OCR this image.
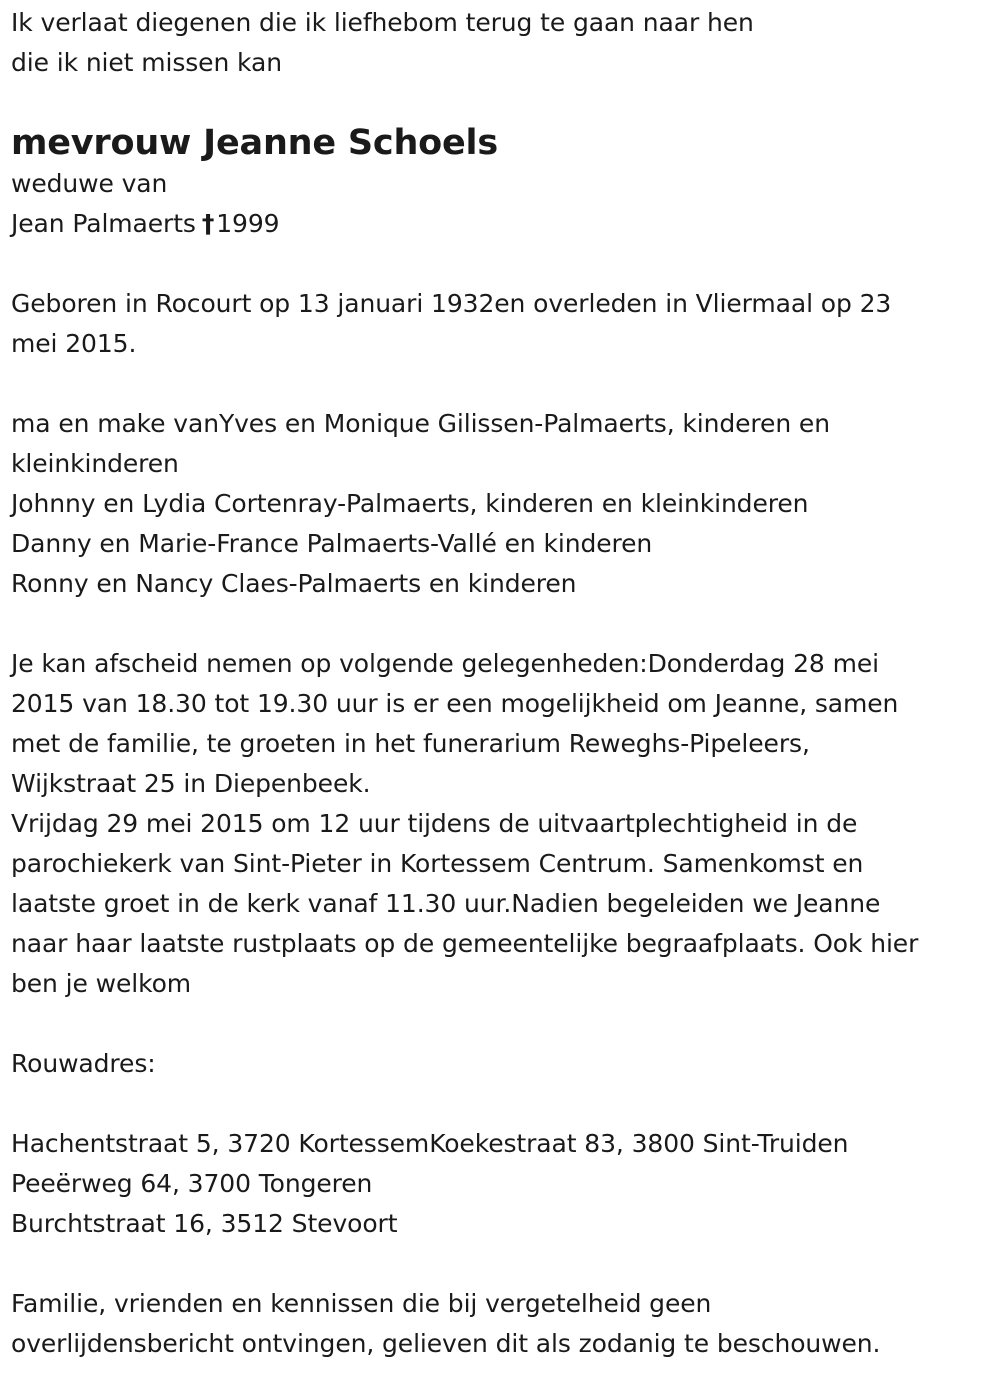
Ik verlaat diegenen die ik liefhebom terug te gaan naar hen
die ik niet missen kan
mevrouw Jeanne Schoels
weduwe van
Jean Palmaerts †1999
Geboren in Rocourt op 13 januari 1932en overleden in Vliermaal op 23
mei 2015.
ma en make vanYves en Monique Gilissen-Palmaerts, kinderen en
kleinkinderen
Johnny en Lydia Cortenray-Palmaerts, kinderen en kleinkinderen
Danny en Marie-France Palmaerts-Vallé en kinderen
Ronny en Nancy Claes-Palmaerts en kinderen
Je kan afscheid nemen op volgende gelegenheden:Donderdag 28 mei
2015 van 18.30 tot 19.30 uur is er een mogelijkheid om Jeanne, samen
met de familie, te groeten in het funerarium Reweghs-Pipeleers,
Wijkstraat 25 in Diepenbeek.
Vrijdag 29 mei 2015 om 12 uur tijdens de uitvaartplechtigheid in de
parochiekerk van Sint-Pieter in Kortessem Centrum. Samenkomst en
laatste groet in de kerk vanaf 11.30 uur.Nadien begeleiden we Jeanne
naar haar laatste rustplaats op de gemeentelijke begraafplaats. Ook hier
ben je welkom
Rouwadres:
Hachentstraat 5, 3720 KortessemKoekestraat 83, 3800 Sint-Truiden
Peeërweg 64, 3700 Tongeren
Burchtstraat 16, 3512 Stevoort
Familie, vrienden en kennissen die bij vergetelheid geen
overlijdensbericht ontvingen, gelieven dit als zodanig te beschouwen.
